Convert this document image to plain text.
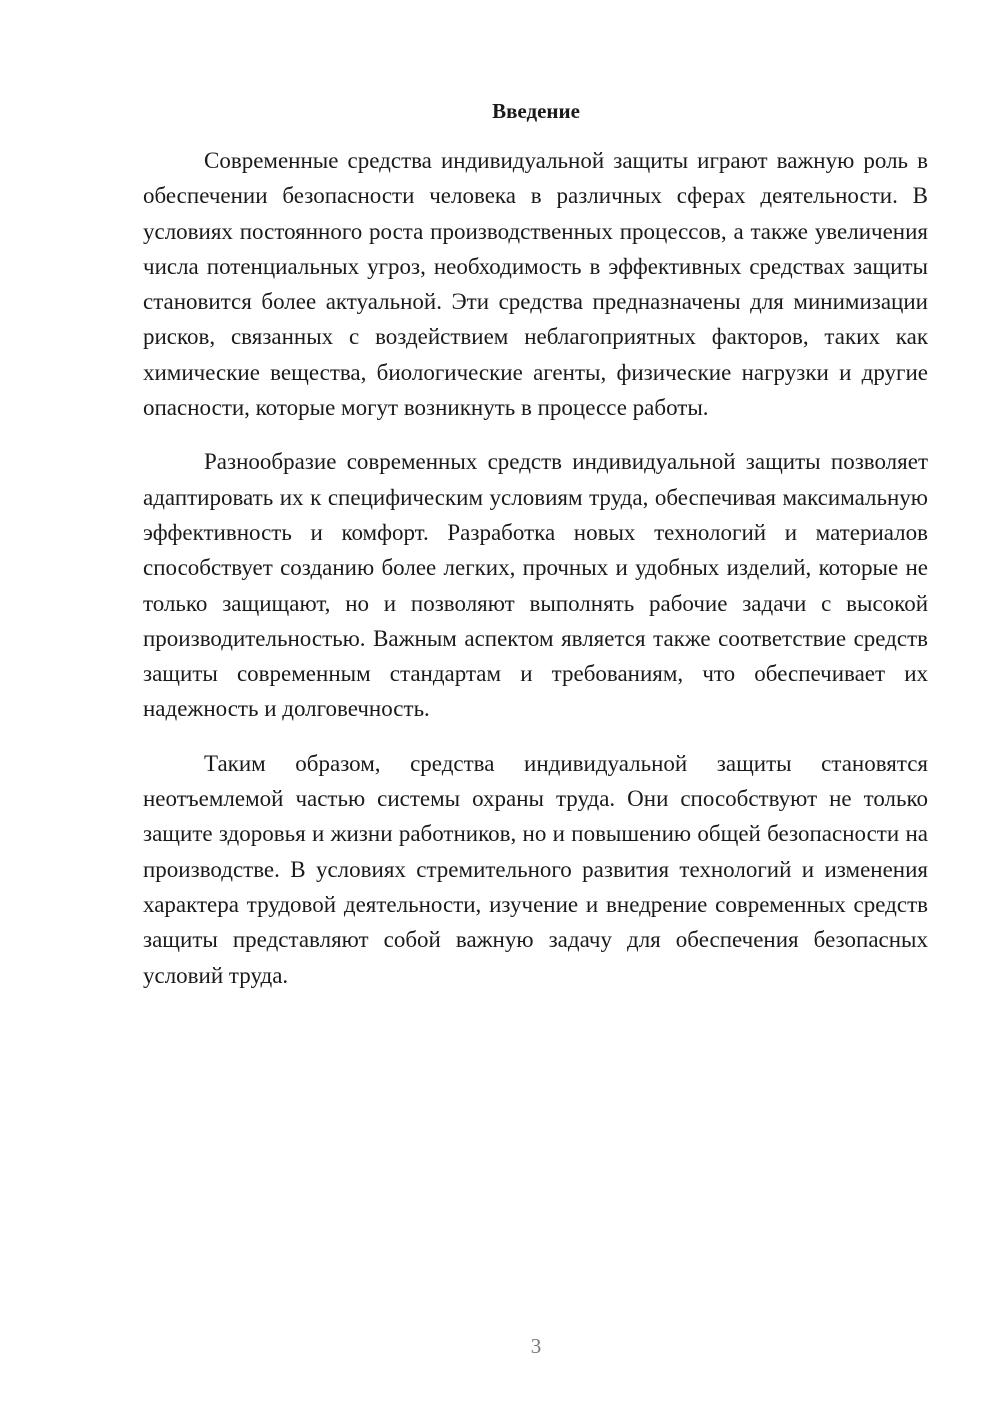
Введение

Современные средства индивидуальной защиты играют важную роль в обеспечении безопасности человека в различных сферах деятельности. В условиях постоянного роста производственных процессов, а также увеличения числа потенциальных угроз, необходимость в эффективных средствах защиты становится более актуальной. Эти средства предназначены для минимизации рисков, связанных с воздействием неблагоприятных факторов, таких как химические вещества, биологические агенты, физические нагрузки и другие опасности, которые могут возникнуть в процессе работы.

Разнообразие современных средств индивидуальной защиты позволяет адаптировать их к специфическим условиям труда, обеспечивая максимальную эффективность и комфорт. Разработка новых технологий и материалов способствует созданию более легких, прочных и удобных изделий, которые не только защищают, но и позволяют выполнять рабочие задачи с высокой производительностью. Важным аспектом является также соответствие средств защиты современным стандартам и требованиям, что обеспечивает их надежность и долговечность.

Таким образом, средства индивидуальной защиты становятся неотъемлемой частью системы охраны труда. Они способствуют не только защите здоровья и жизни работников, но и повышению общей безопасности на производстве. В условиях стремительного развития технологий и изменения характера трудовой деятельности, изучение и внедрение современных средств защиты представляют собой важную задачу для обеспечения безопасных условий труда.

3
